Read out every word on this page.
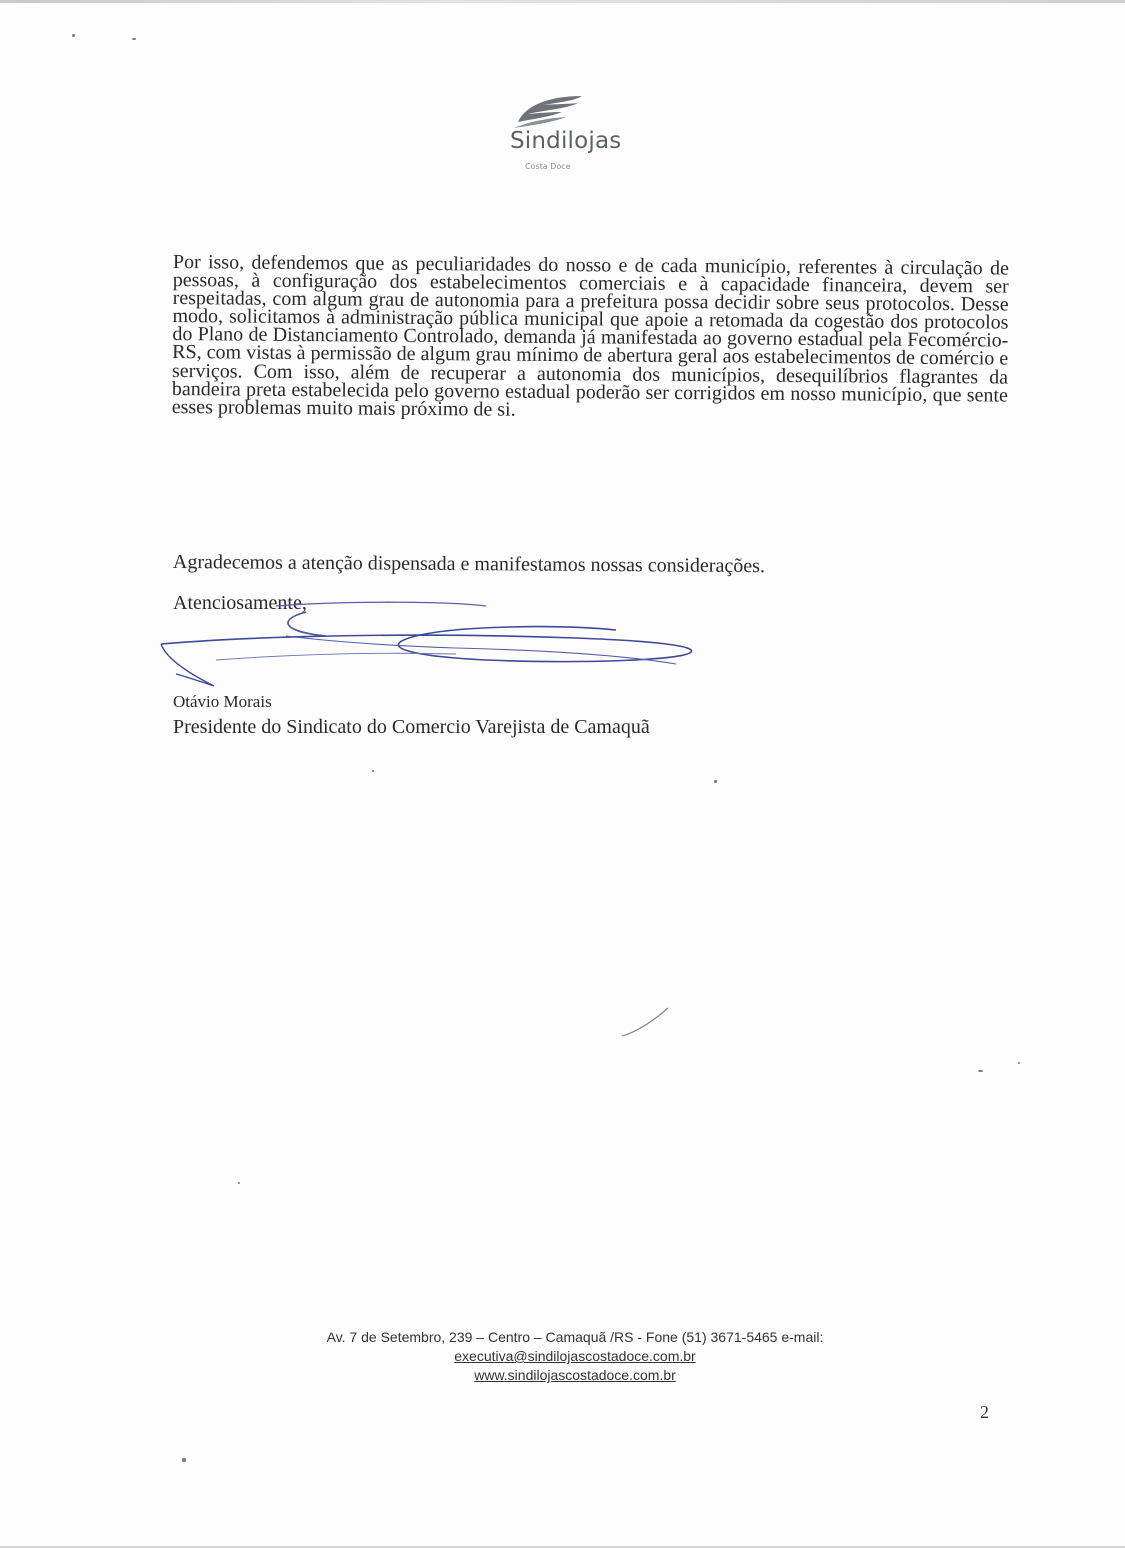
Sindilojas
Costa Doce

Por isso, defendemos que as peculiaridades do nosso e de cada município, referentes à circulação de pessoas, à configuração dos estabelecimentos comerciais e à capacidade financeira, devem ser respeitadas, com algum grau de autonomia para a prefeitura possa decidir sobre seus protocolos. Desse modo, solicitamos à administração pública municipal que apoie a retomada da cogestão dos protocolos do Plano de Distanciamento Controlado, demanda já manifestada ao governo estadual pela Fecomércio-RS, com vistas à permissão de algum grau mínimo de abertura geral aos estabelecimentos de comércio e serviços. Com isso, além de recuperar a autonomia dos municípios, desequilíbrios flagrantes da bandeira preta estabelecida pelo governo estadual poderão ser corrigidos em nosso município, que sente esses problemas muito mais próximo de si.

Agradecemos a atenção dispensada e manifestamos nossas considerações.

Atenciosamente,

Otávio Morais

Presidente do Sindicato do Comercio Varejista de Camaquã

Av. 7 de Setembro, 239 – Centro – Camaquã /RS - Fone (51) 3671-5465 e-mail:
executiva@sindilojascostadoce.com.br
www.sindilojascostadoce.com.br
2
